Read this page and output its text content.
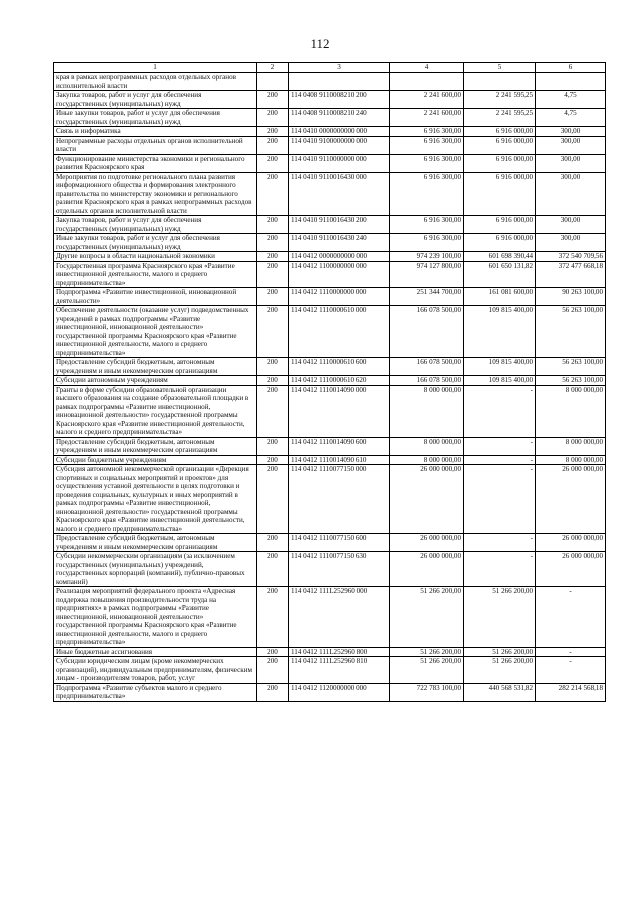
112
1	2	3	4	5	6
края в рамках непрограммных расходов отдельных органов исполнительной власти					
Закупка товаров, работ и услуг для обеспечения государственных (муниципальных) нужд	200	114 0408 9110008210 200	2 241 600,00	2 241 595,25	4,75
Иные закупки товаров, работ и услуг для обеспечения государственных (муниципальных) нужд	200	114 0408 9110008210 240	2 241 600,00	2 241 595,25	4,75
Связь и информатика	200	114 0410 0000000000 000	6 916 300,00	6 916 000,00	300,00
Непрограммные расходы отдельных органов исполнительной власти	200	114 0410 9100000000 000	6 916 300,00	6 916 000,00	300,00
Функционирование министерства экономики и регионального развития Красноярского края	200	114 0410 9110000000 000	6 916 300,00	6 916 000,00	300,00
Мероприятия по подготовке регионального плана развития информационного общества и формирования электронного правительства по министерству экономики и регионального развития Красноярского края в рамках непрограммных расходов отдельных органов исполнительной власти	200	114 0410 9110016430 000	6 916 300,00	6 916 000,00	300,00
Закупка товаров, работ и услуг для обеспечения государственных (муниципальных) нужд	200	114 0410 9110016430 200	6 916 300,00	6 916 000,00	300,00
Иные закупки товаров, работ и услуг для обеспечения государственных (муниципальных) нужд	200	114 0410 9110016430 240	6 916 300,00	6 916 000,00	300,00
Другие вопросы в области национальной экономики	200	114 0412 0000000000 000	974 239 100,00	601 698 390,44	372 540 709,56
Государственная программа Красноярского края «Развитие инвестиционной деятельности, малого и среднего предпринимательства»	200	114 0412 1100000000 000	974 127 800,00	601 650 131,82	372 477 668,18
Подпрограмма «Развитие инвестиционной, инновационной деятельности»	200	114 0412 1110000000 000	251 344 700,00	161 081 600,00	90 263 100,00
Обеспечение деятельности (оказание услуг) подведомственных учреждений в рамках подпрограммы «Развитие инвестиционной, инновационной деятельности» государственной программы Красноярского края «Развитие инвестиционной деятельности, малого и среднего предпринимательства»	200	114 0412 1110000610 000	166 078 500,00	109 815 400,00	56 263 100,00
Предоставление субсидий бюджетным, автономным учреждениям и иным некоммерческим организациям	200	114 0412 1110000610 600	166 078 500,00	109 815 400,00	56 263 100,00
Субсидии автономным учреждениям	200	114 0412 1110000610 620	166 078 500,00	109 815 400,00	56 263 100,00
Гранты в форме субсидии образовательной организации высшего образования на создание образовательной площадки в рамках подпрограммы «Развитие инвестиционной, инновационной деятельности» государственной программы Красноярского края «Развитие инвестиционной деятельности, малого и среднего предпринимательства»	200	114 0412 1110014090 000	8 000 000,00	-	8 000 000,00
Предоставление субсидий бюджетным, автономным учреждениям и иным некоммерческим организациям	200	114 0412 1110014090 600	8 000 000,00	-	8 000 000,00
Субсидии бюджетным учреждениям	200	114 0412 1110014090 610	8 000 000,00	-	8 000 000,00
Субсидия автономной некоммерческой организации «Дирекция спортивных и социальных мероприятий и проектов» для осуществления уставной деятельности в целях подготовки и проведения социальных, культурных и иных мероприятий в рамках подпрограммы «Развитие инвестиционной, инновационной деятельности» государственной программы Красноярского края «Развитие инвестиционной деятельности, малого и среднего предпринимательства»	200	114 0412 1110077150 000	26 000 000,00	-	26 000 000,00
Предоставление субсидий бюджетным, автономным учреждениям и иным некоммерческим организациям	200	114 0412 1110077150 600	26 000 000,00	-	26 000 000,00
Субсидии некоммерческим организациям (за исключением государственных (муниципальных) учреждений, государственных корпораций (компаний), публично-правовых компаний)	200	114 0412 1110077150 630	26 000 000,00	-	26 000 000,00
Реализация мероприятий федерального проекта «Адресная поддержка повышения производительности труда на предприятиях» в рамках подпрограммы «Развитие инвестиционной, инновационной деятельности» государственной программы Красноярского края «Развитие инвестиционной деятельности, малого и среднего предпринимательства»	200	114 0412 111L252960 000	51 266 200,00	51 266 200,00	-
Иные бюджетные ассигнования	200	114 0412 111L252960 800	51 266 200,00	51 266 200,00	-
Субсидии юридическим лицам (кроме некоммерческих организаций), индивидуальным предпринимателям, физическим лицам - производителям товаров, работ, услуг	200	114 0412 111L252960 810	51 266 200,00	51 266 200,00	-
Подпрограмма «Развитие субъектов малого и среднего предпринимательства»	200	114 0412 1120000000 000	722 783 100,00	440 568 531,82	282 214 568,18
